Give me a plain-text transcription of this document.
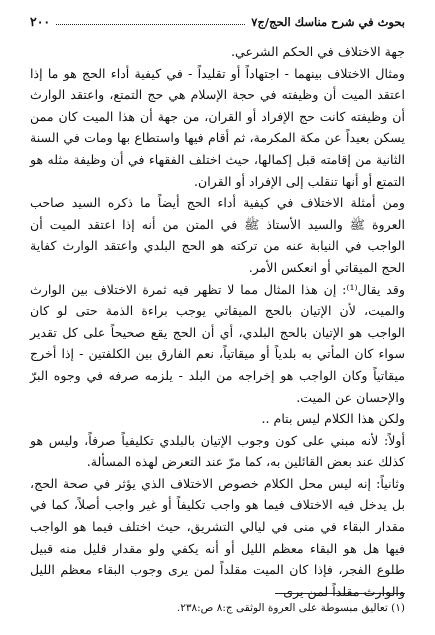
بحوث في شرح مناسك الحج/ج٧
٢٠٠

جهة الاختلاف في الحكم الشرعي.

ومثال الاختلاف بينهما - اجتهاداً أو تقليداً - في كيفية أداء الحج هو ما إذا اعتقد الميت أن وظيفته في حجة الإسلام هي حج التمتع، واعتقد الوارث أن وظيفته كانت حج الإفراد أو القران، من جهة أن هذا الميت كان ممن يسكن بعيداً عن مكة المكرمة، ثم أقام فيها واستطاع بها ومات في السنة الثانية من إقامته قبل إكمالها، حيث اختلف الفقهاء في أن وظيفة مثله هو التمتع أو أنها تنقلب إلى الإفراد أو القران.

ومن أمثلة الاختلاف في كيفية أداء الحج أيضاً ما ذكره السيد صاحب العروة ﷺ والسيد الأستاذ ﷺ في المتن من أنه إذا اعتقد الميت أن الواجب في النيابة عنه من تركته هو الحج البلدي واعتقد الوارث كفاية الحج الميقاتي أو انعكس الأمر.

وقد يقال⁽¹⁾: إن هذا المثال مما لا تظهر فيه ثمرة الاختلاف بين الوارث والميت، لأن الإتيان بالحج الميقاتي يوجب براءة الذمة حتى لو كان الواجب هو الإتيان بالحج البلدي، أي أن الحج يقع صحيحاً على كل تقدير سواء كان المأتي به بلدياً أو ميقاتياً، نعم الفارق بين الكلفتين - إذا أخرج ميقاتياً وكان الواجب هو إخراجه من البلد - يلزمه صرفه في وجوه البرّ والإحسان عن الميت.

ولكن هذا الكلام ليس بتام ..

أولاً: لأنه مبني على كون وجوب الإتيان بالبلدي تكليفياً صرفاً، وليس هو كذلك عند بعض القائلين به، كما مرّ عند التعرض لهذه المسألة.

وثانياً: إنه ليس محل الكلام خصوص الاختلاف الذي يؤثر في صحة الحج، بل يدخل فيه الاختلاف فيما هو واجب تكليفاً أو غير واجب أصلاً، كما في مقدار البقاء في منى في ليالي التشريق، حيث اختلف فيما هو الواجب فيها هل هو البقاء معظم الليل أو أنه يكفي ولو مقدار قليل منه قبيل طلوع الفجر، فإذا كان الميت مقلداً لمن يرى وجوب البقاء معظم الليل والوارث مقلداً لمن يرى

(١) تعاليق مبسوطة على العروة الوثقى ج:٨ ص:٢٣٨.
